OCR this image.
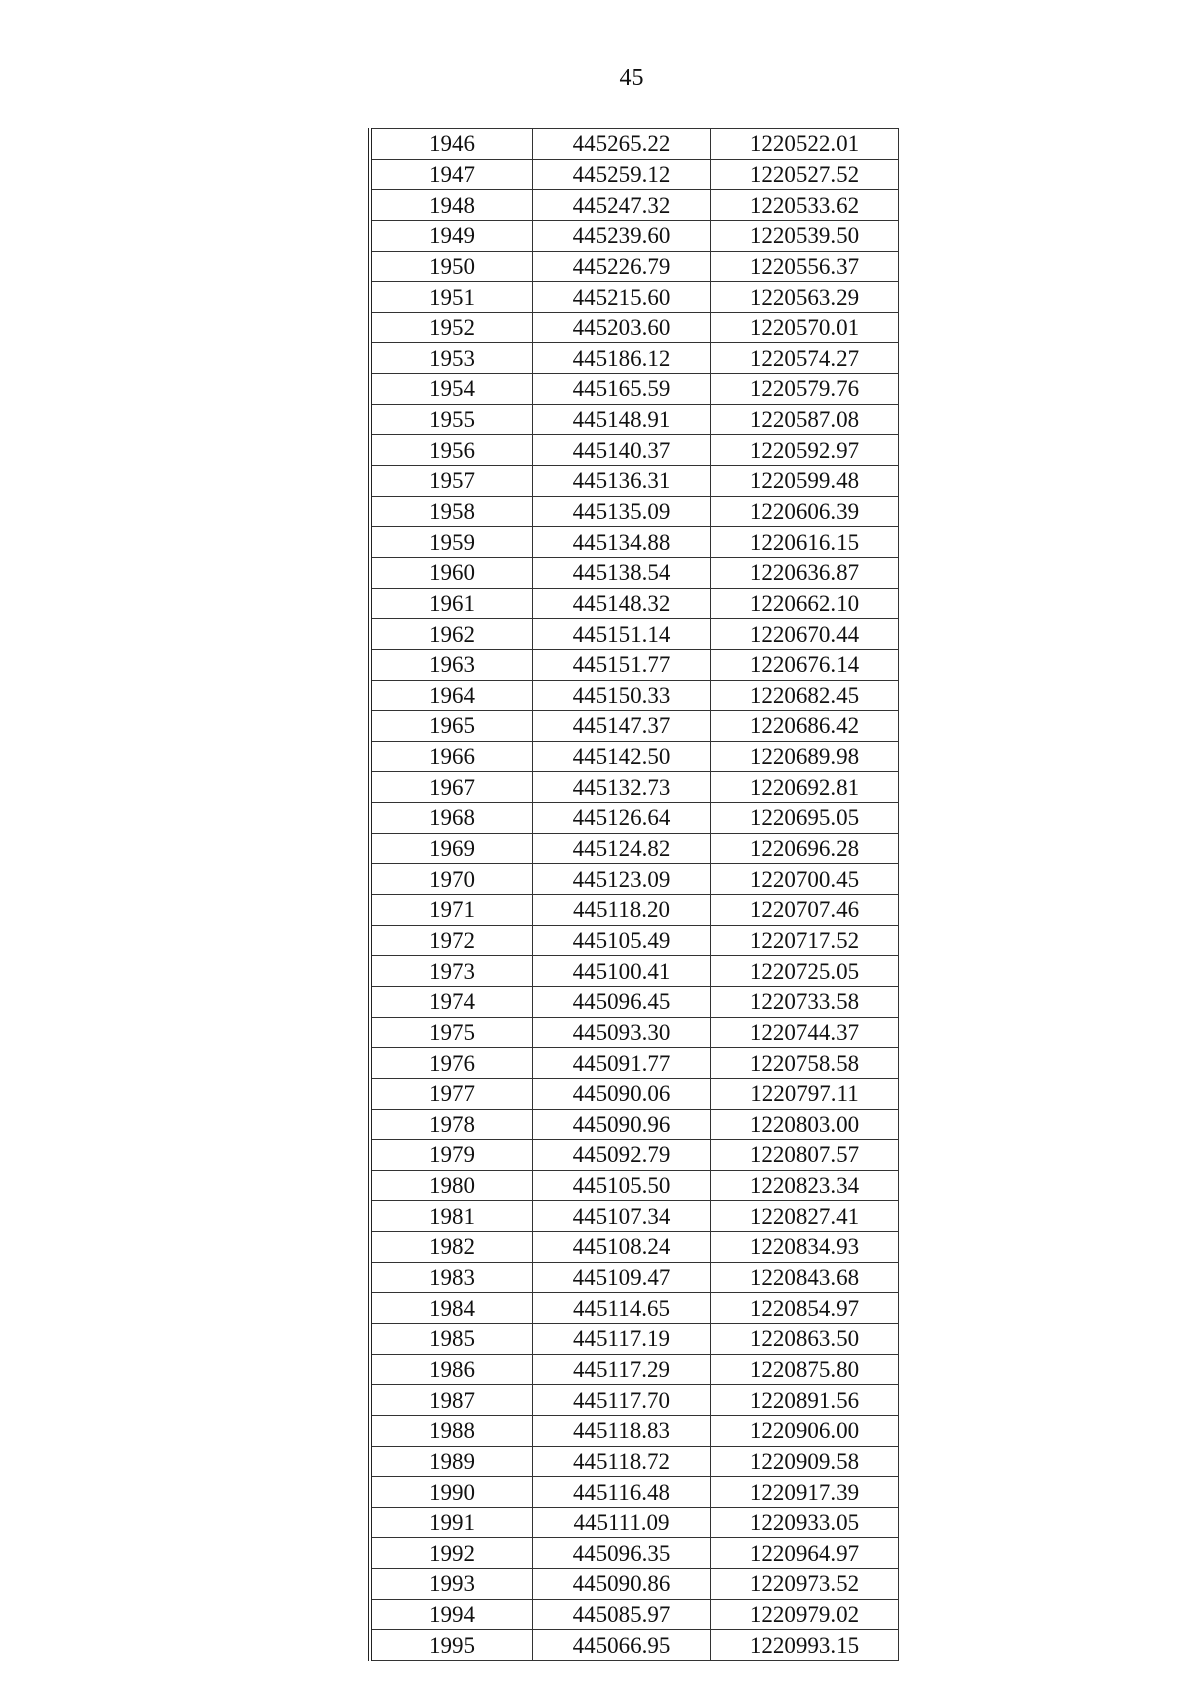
45
1946	445265.22	1220522.01
1947	445259.12	1220527.52
1948	445247.32	1220533.62
1949	445239.60	1220539.50
1950	445226.79	1220556.37
1951	445215.60	1220563.29
1952	445203.60	1220570.01
1953	445186.12	1220574.27
1954	445165.59	1220579.76
1955	445148.91	1220587.08
1956	445140.37	1220592.97
1957	445136.31	1220599.48
1958	445135.09	1220606.39
1959	445134.88	1220616.15
1960	445138.54	1220636.87
1961	445148.32	1220662.10
1962	445151.14	1220670.44
1963	445151.77	1220676.14
1964	445150.33	1220682.45
1965	445147.37	1220686.42
1966	445142.50	1220689.98
1967	445132.73	1220692.81
1968	445126.64	1220695.05
1969	445124.82	1220696.28
1970	445123.09	1220700.45
1971	445118.20	1220707.46
1972	445105.49	1220717.52
1973	445100.41	1220725.05
1974	445096.45	1220733.58
1975	445093.30	1220744.37
1976	445091.77	1220758.58
1977	445090.06	1220797.11
1978	445090.96	1220803.00
1979	445092.79	1220807.57
1980	445105.50	1220823.34
1981	445107.34	1220827.41
1982	445108.24	1220834.93
1983	445109.47	1220843.68
1984	445114.65	1220854.97
1985	445117.19	1220863.50
1986	445117.29	1220875.80
1987	445117.70	1220891.56
1988	445118.83	1220906.00
1989	445118.72	1220909.58
1990	445116.48	1220917.39
1991	445111.09	1220933.05
1992	445096.35	1220964.97
1993	445090.86	1220973.52
1994	445085.97	1220979.02
1995	445066.95	1220993.15
